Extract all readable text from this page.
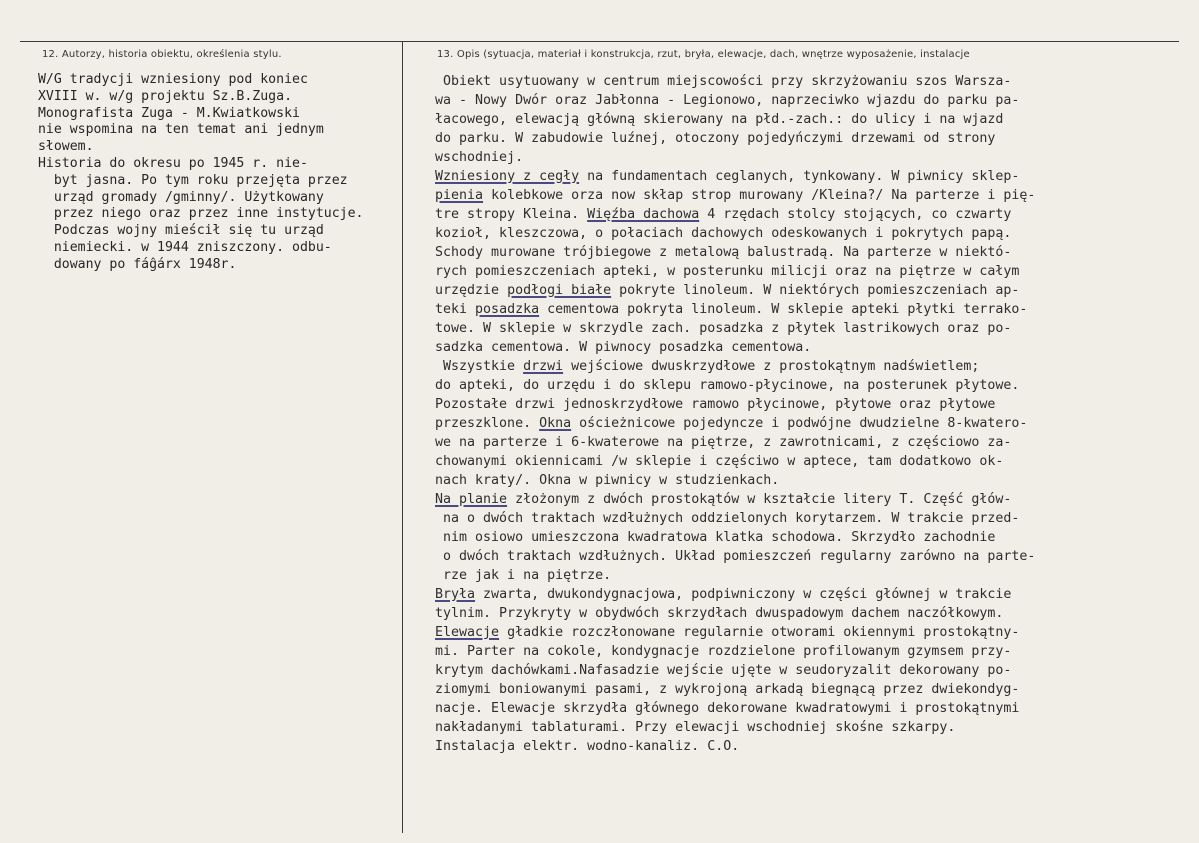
12. Autorzy, historia obiektu, określenia stylu.	13. Opis (sytuacja, materiał i konstrukcja, rzut, bryła, elewacje, dach, wnętrze wyposażenie, instalacje
W/G tradycji wzniesiony pod koniec
XVIII w. w/g projektu Sz.B.Zuga.
Monografista Zuga - M.Kwiatkowski
nie wspomina na ten temat ani jednym
słowem.
Historia do okresu po 1945 r. nie-
byt jasna. Po tym roku przejęta przez
urząd gromady /gminny/. Użytkowany
przez niego oraz przez inne instytucje.
Podczas wojny mieścił się tu urząd
niemiecki. w 1944 zniszczony. odbu-
dowany po fáĝárx 1948r.
Obiekt usytuowany w centrum miejscowości przy skrzyżowaniu szos Warsza-
wa - Nowy Dwór oraz Jabłonna - Legionowo, naprzeciwko wjazdu do parku pa-
łacowego, elewacją główną skierowany na płd.-zach.: do ulicy i na wjazd
do parku. W zabudowie luźnej, otoczony pojedyńczymi drzewami od strony
wschodniej.
Wzniesiony z cegły na fundamentach ceglanych, tynkowany. W piwnicy sklep-
pienia kolebkowe orza now skłap strop murowany /Kleina?/ Na parterze i pię-
tre stropy Kleina. Więźba dachowa 4 rzędach stolcy stojących, co czwarty
kozioł, kleszczowa, o połaciach dachowych odeskowanych i pokrytych papą.
Schody murowane trójbiegowe z metalową balustradą. Na parterze w niektó-
rych pomieszczeniach apteki, w posterunku milicji oraz na piętrze w całym
urzędzie podłogi białe pokryte linoleum. W niektórych pomieszczeniach ap-
teki posadzka cementowa pokryta linoleum. W sklepie apteki płytki terrako-
towe. W sklepie w skrzydle zach. posadzka z płytek lastrikowych oraz po-
sadzka cementowa. W piwnocy posadzka cementowa.
Wszystkie drzwi wejściowe dwuskrzydłowe z prostokątnym nadświetlem;
do apteki, do urzędu i do sklepu ramowo-płycinowe, na posterunek płytowe.
Pozostałe drzwi jednoskrzydłowe ramowo płycinowe, płytowe oraz płytowe
przeszklone. Okna ościeżnicowe pojedyncze i podwójne dwudzielne 8-kwatero-
we na parterze i 6-kwaterowe na piętrze, z zawrotnicami, z częściowo za-
chowanymi okiennicami /w sklepie i częściwo w aptece, tam dodatkowo ok-
nach kraty/. Okna w piwnicy w studzienkach.
Na planie złożonym z dwóch prostokątów w kształcie litery T. Część głów-
na o dwóch traktach wzdłużnych oddzielonych korytarzem. W trakcie przed-
nim osiowo umieszczona kwadratowa klatka schodowa. Skrzydło zachodnie
o dwóch traktach wzdłużnych. Układ pomieszczeń regularny zarówno na parte-
rze jak i na piętrze.
Bryła zwarta, dwukondygnacjowa, podpiwniczony w części głównej w trakcie
tylnim. Przykryty w obydwóch skrzydłach dwuspadowym dachem naczółkowym.
Elewacje gładkie rozczłonowane regularnie otworami okiennymi prostokątny-
mi. Parter na cokole, kondygnacje rozdzielone profilowanym gzymsem przy-
krytym dachówkami.Nafasadzie wejście ujęte w seudoryzalit dekorowany po-
ziomymi boniowanymi pasami, z wykrojoną arkadą biegnącą przez dwiekondyg-
nacje. Elewacje skrzydła głównego dekorowane kwadratowymi i prostokątnymi
nakładanymi tablaturami. Przy elewacji wschodniej skośne szkarpy.
Instalacja elektr. wodno-kanaliz. C.O.
